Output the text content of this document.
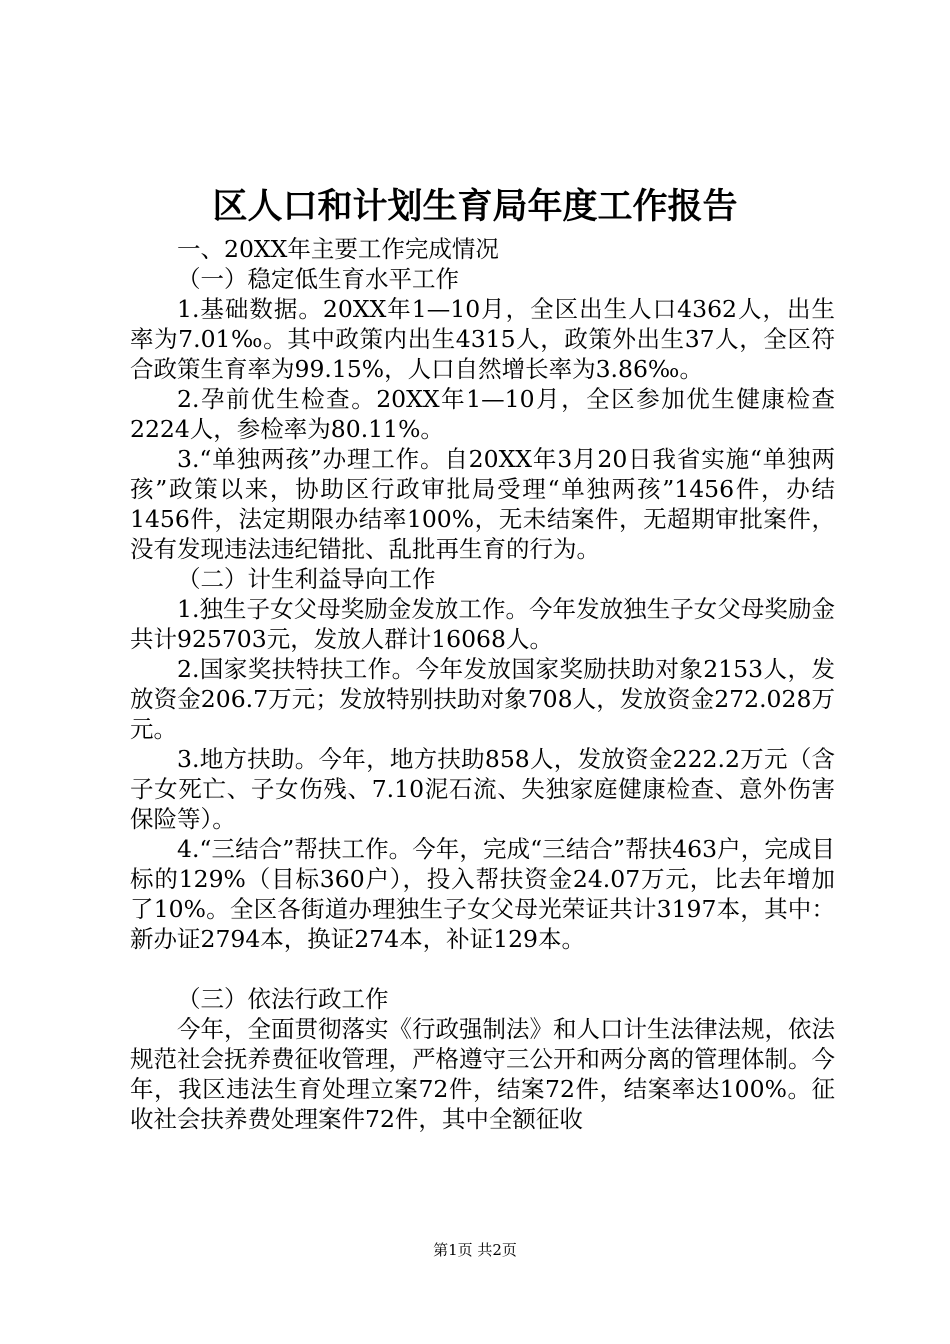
区人口和计划生育局年度工作报告

一、20XX年主要工作完成情况

（一）稳定低生育水平工作

1.基础数据。20XX年1—10月，全区出生人口4362人，出生率为7.01‰。其中政策内出生4315人，政策外出生37人，全区符合政策生育率为99.15%，人口自然增长率为3.86‰。

2.孕前优生检查。20XX年1—10月，全区参加优生健康检查2224人，参检率为80.11%。

3.“单独两孩”办理工作。自20XX年3月20日我省实施“单独两孩”政策以来，协助区行政审批局受理“单独两孩”1456件，办结1456件，法定期限办结率100%，无未结案件，无超期审批案件，没有发现违法违纪错批、乱批再生育的行为。

（二）计生利益导向工作

1.独生子女父母奖励金发放工作。今年发放独生子女父母奖励金共计925703元，发放人群计16068人。

2.国家奖扶特扶工作。今年发放国家奖励扶助对象2153人，发放资金206.7万元；发放特别扶助对象708人，发放资金272.028万元。

3.地方扶助。今年，地方扶助858人，发放资金222.2万元（含子女死亡、子女伤残、7.10泥石流、失独家庭健康检查、意外伤害保险等）。

4.“三结合”帮扶工作。今年，完成“三结合”帮扶463户，完成目标的129%（目标360户），投入帮扶资金24.07万元，比去年增加了10%。全区各街道办理独生子女父母光荣证共计3197本，其中：新办证2794本，换证274本，补证129本。

（三）依法行政工作

今年，全面贯彻落实《行政强制法》和人口计生法律法规，依法规范社会抚养费征收管理，严格遵守三公开和两分离的管理体制。今年，我区违法生育处理立案72件，结案72件，结案率达100%。征收社会扶养费处理案件72件，其中全额征收

第1页 共2页
